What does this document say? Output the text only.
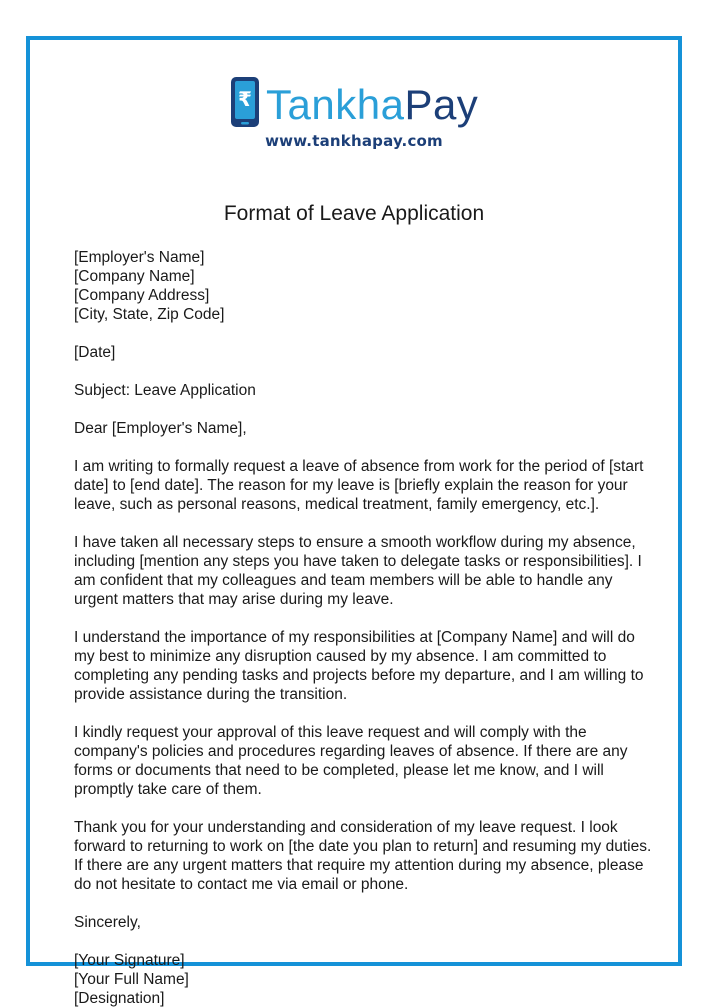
₹ TankhaPay
www.tankhapay.com
Format of Leave Application
[Employer's Name]
[Company Name]
[Company Address]
[City, State, Zip Code]

[Date]

Subject: Leave Application

Dear [Employer's Name],

I am writing to formally request a leave of absence from work for the period of [start date] to [end date]. The reason for my leave is [briefly explain the reason for your leave, such as personal reasons, medical treatment, family emergency, etc.].

I have taken all necessary steps to ensure a smooth workflow during my absence, including [mention any steps you have taken to delegate tasks or responsibilities]. I am confident that my colleagues and team members will be able to handle any urgent matters that may arise during my leave.

I understand the importance of my responsibilities at [Company Name] and will do my best to minimize any disruption caused by my absence. I am committed to completing any pending tasks and projects before my departure, and I am willing to provide assistance during the transition.

I kindly request your approval of this leave request and will comply with the company's policies and procedures regarding leaves of absence. If there are any forms or documents that need to be completed, please let me know, and I will promptly take care of them.

Thank you for your understanding and consideration of my leave request. I look forward to returning to work on [the date you plan to return] and resuming my duties. If there are any urgent matters that require my attention during my absence, please do not hesitate to contact me via email or phone.

Sincerely,

[Your Signature]
[Your Full Name]
[Designation]
